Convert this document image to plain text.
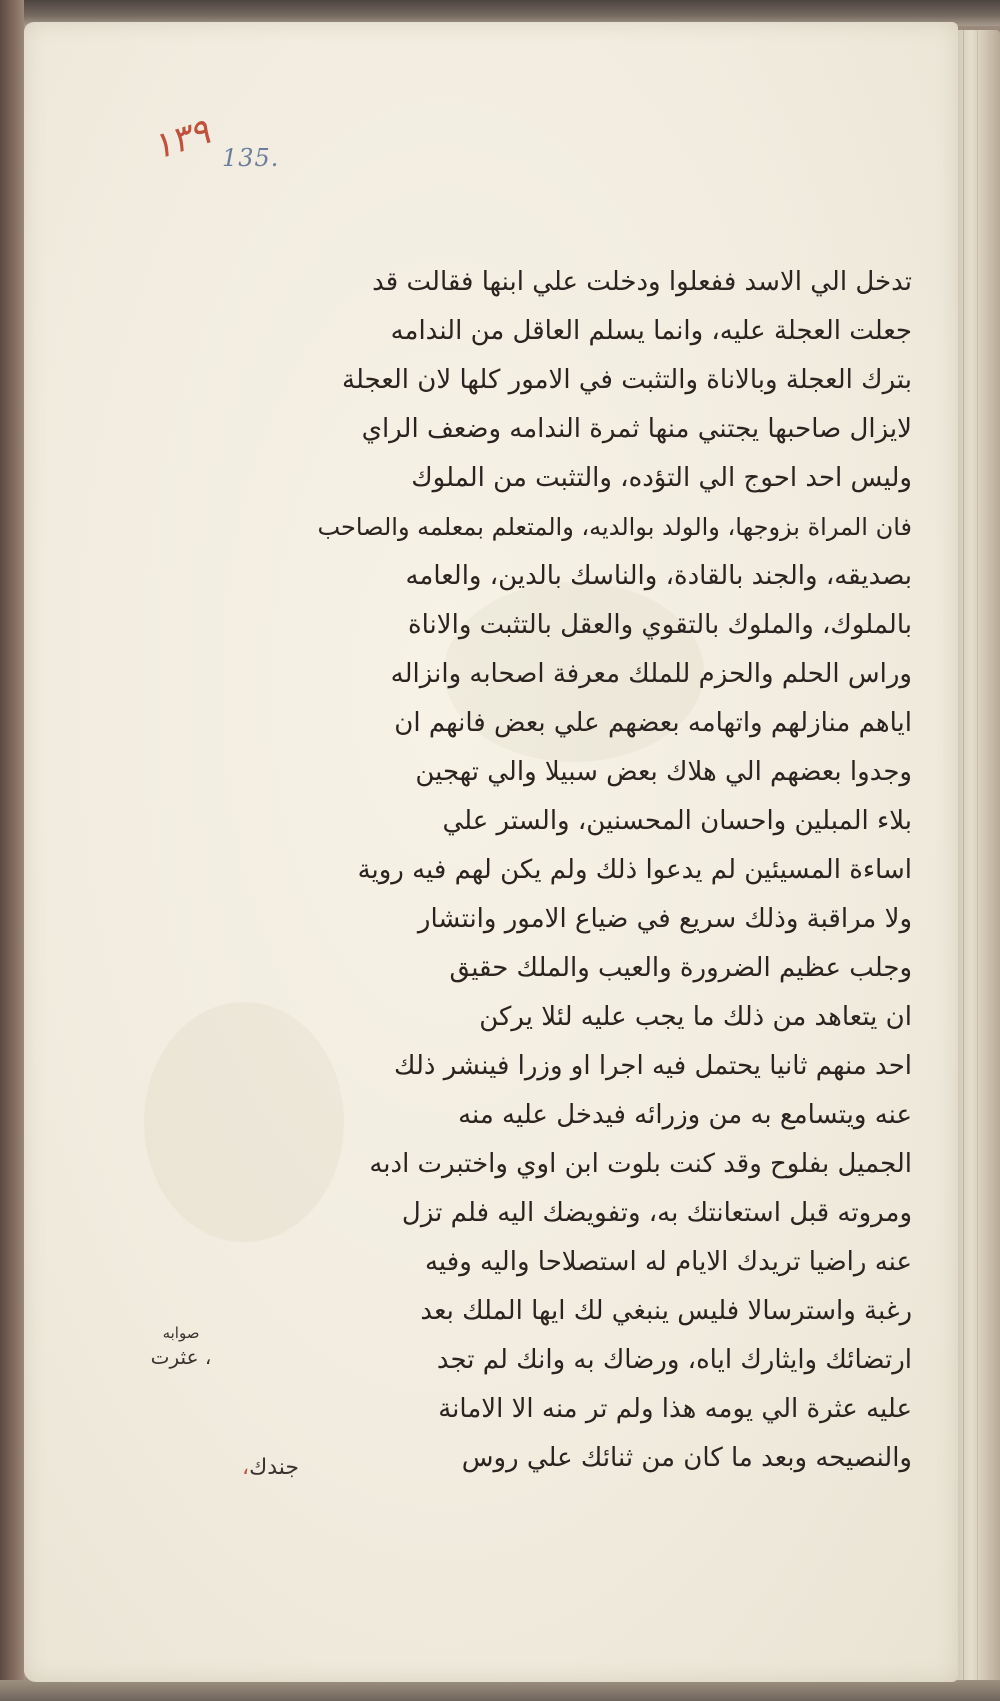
١٣٩ 135.
تدخل الي الاسد ففعلوا ودخلت علي ابنها فقالت قد
جعلت العجلة عليه، وانما يسلم العاقل من الندامه
بترك العجلة وبالاناة والتثبت في الامور كلها لان العجلة
لايزال صاحبها يجتني منها ثمرة الندامه وضعف الراي
وليس احد احوج الي التؤده، والتثبت من الملوك
فان المراة بزوجها، والولد بوالديه، والمتعلم بمعلمه والصاحب
بصديقه، والجند بالقادة، والناسك بالدين، والعامه
بالملوك، والملوك بالتقوي والعقل بالتثبت والاناة
وراس الحلم والحزم للملك معرفة اصحابه وانزاله
اياهم منازلهم واتهامه بعضهم علي بعض فانهم ان
وجدوا بعضهم الي هلاك بعض سبيلا والي تهجين
بلاء المبلين واحسان المحسنين، والستر علي
اساءة المسيئين لم يدعوا ذلك ولم يكن لهم فيه روية
ولا مراقبة وذلك سريع في ضياع الامور وانتشار
وجلب عظيم الضرورة والعيب والملك حقيق
ان يتعاهد من ذلك ما يجب عليه لئلا يركن
احد منهم ثانيا يحتمل فيه اجرا او وزرا فينشر ذلك
عنه ويتسامع به من وزرائه فيدخل عليه منه
الجميل بفلوح وقد كنت بلوت ابن اوي واختبرت ادبه
ومروته قبل استعانتك به، وتفويضك اليه فلم تزل
عنه راضيا تريدك الايام له استصلاحا واليه وفيه
رغبة واسترسالا فليس ينبغي لك ايها الملك بعد
ارتضائك وايثارك اياه، ورضاك به وانك لم تجد
عليه عثرة الي يومه هذا ولم تر منه الا الامانة
والنصيحه وبعد ما كان من ثنائك علي روس
صوابه
، عثرت
جندك،
